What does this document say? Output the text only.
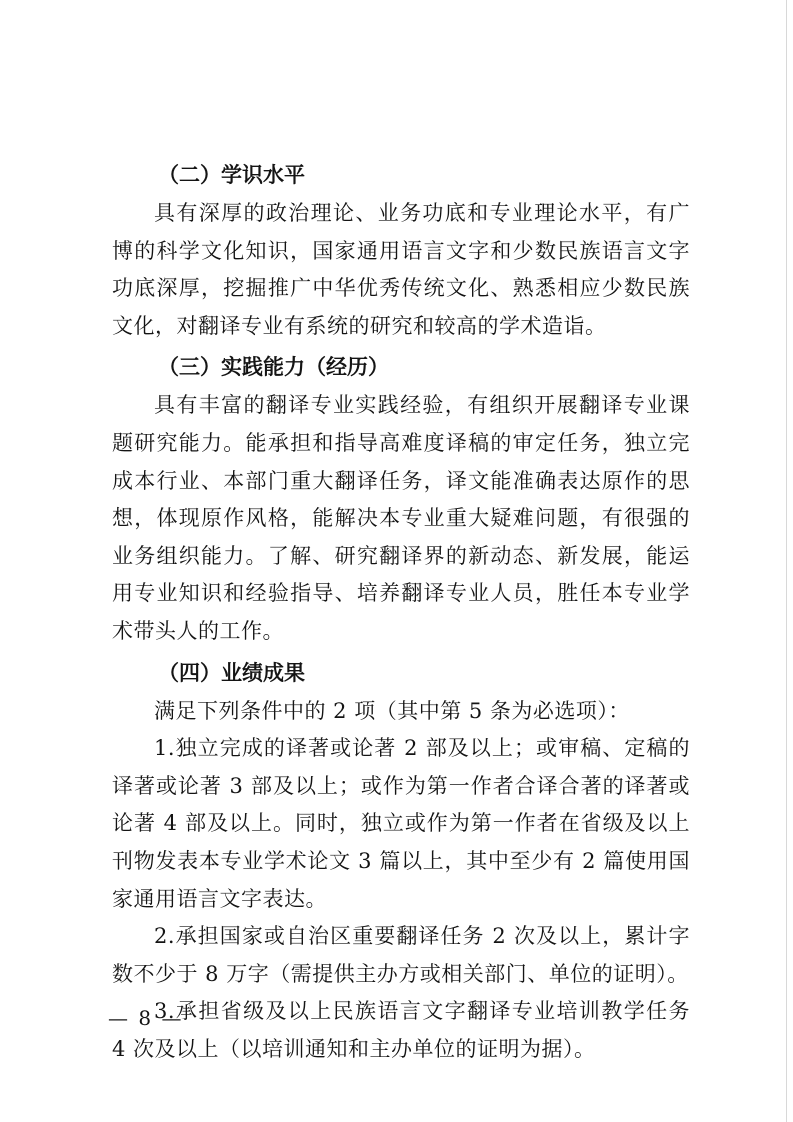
（二）学识水平

具有深厚的政治理论、业务功底和专业理论水平，有广博的科学文化知识，国家通用语言文字和少数民族语言文字功底深厚，挖掘推广中华优秀传统文化、熟悉相应少数民族文化，对翻译专业有系统的研究和较高的学术造诣。

（三）实践能力（经历）

具有丰富的翻译专业实践经验，有组织开展翻译专业课题研究能力。能承担和指导高难度译稿的审定任务，独立完成本行业、本部门重大翻译任务，译文能准确表达原作的思想，体现原作风格，能解决本专业重大疑难问题，有很强的业务组织能力。了解、研究翻译界的新动态、新发展，能运用专业知识和经验指导、培养翻译专业人员，胜任本专业学术带头人的工作。

（四）业绩成果

满足下列条件中的 2 项（其中第 5 条为必选项）：

1.独立完成的译著或论著 2 部及以上；或审稿、定稿的译著或论著 3 部及以上；或作为第一作者合译合著的译著或论著 4 部及以上。同时，独立或作为第一作者在省级及以上刊物发表本专业学术论文 3 篇以上，其中至少有 2 篇使用国家通用语言文字表达。

2.承担国家或自治区重要翻译任务 2 次及以上，累计字数不少于 8 万字（需提供主办方或相关部门、单位的证明）。

3.承担省级及以上民族语言文字翻译专业培训教学任务 4 次及以上（以培训通知和主办单位的证明为据）。

— 8 —
